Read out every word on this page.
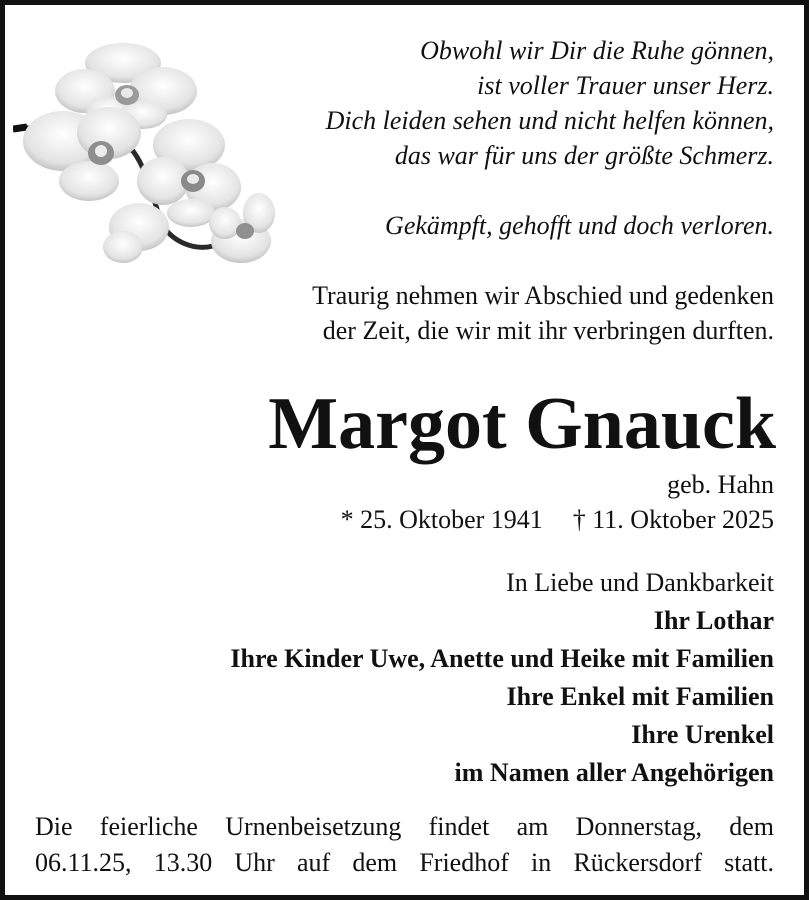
Obwohl wir Dir die Ruhe gönnen,
ist voller Trauer unser Herz.
Dich leiden sehen und nicht helfen können,
das war für uns der größte Schmerz.
Gekämpft, gehofft und doch verloren.
Traurig nehmen wir Abschied und gedenken
der Zeit, die wir mit ihr verbringen durften.
Margot Gnauck
geb. Hahn
* 25. Oktober 1941 † 11. Oktober 2025
In Liebe und Dankbarkeit
Ihr Lothar
Ihre Kinder Uwe, Anette und Heike mit Familien
Ihre Enkel mit Familien
Ihre Urenkel
im Namen aller Angehörigen
Die feierliche Urnenbeisetzung findet am Donnerstag, dem
06.11.25, 13.30 Uhr auf dem Friedhof in Rückersdorf statt.
